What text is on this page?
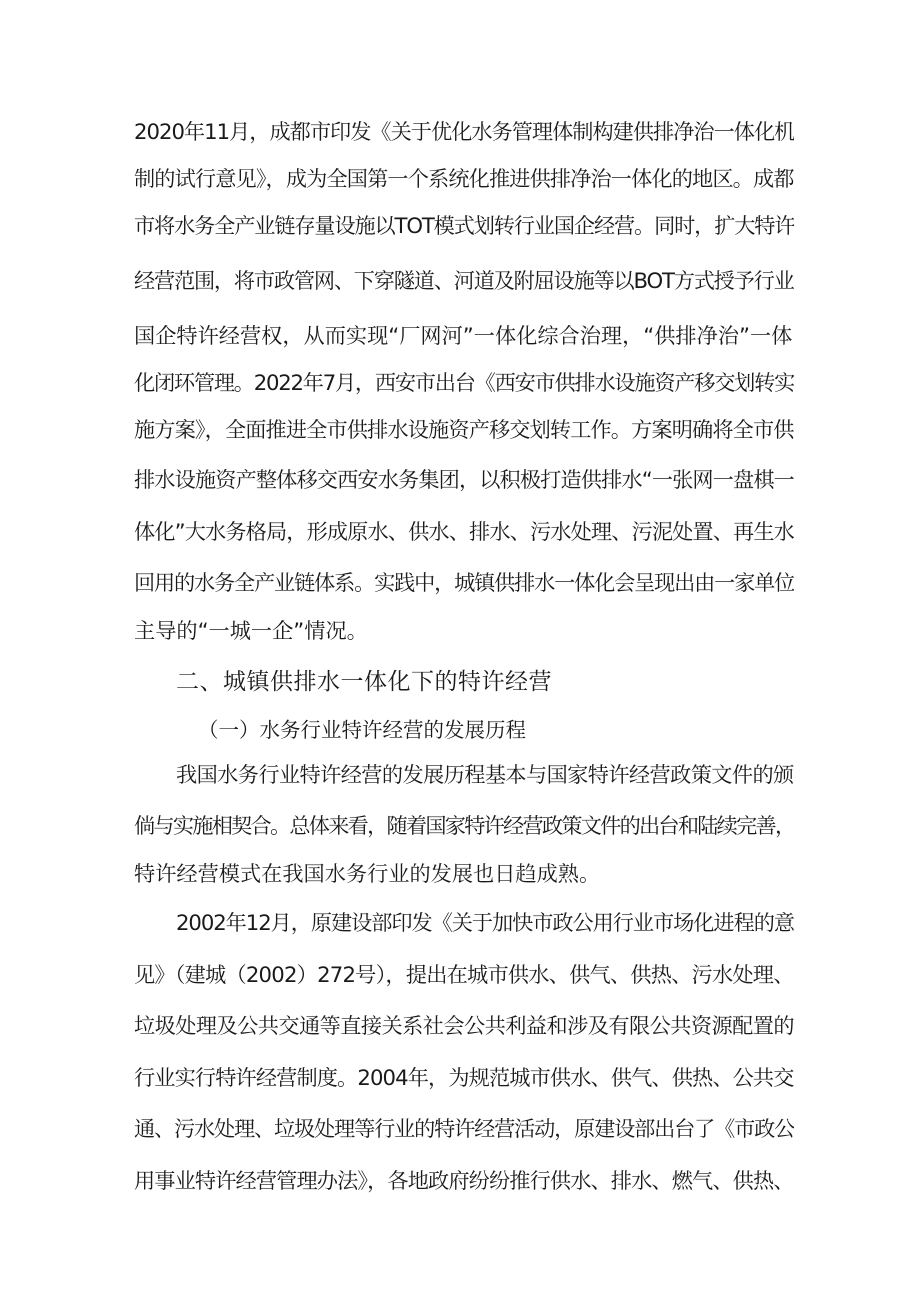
2020年11月，成都市印发《关于优化水务管理体制构建供排净治一体化机
制的试行意见》，成为全国第一个系统化推进供排净治一体化的地区。成都
市将水务全产业链存量设施以TOT模式划转行业国企经营。同时，扩大特许
经营范围，将市政管网、下穿隧道、河道及附屈设施等以BOT方式授予行业
国企特许经营权，从而实现“厂网河”一体化综合治理，“供排净治”一体
化闭环管理。2022年7月，西安市出台《西安市供排水设施资产移交划转实
施方案》，全面推进全市供排水设施资产移交划转工作。方案明确将全市供
排水设施资产整体移交西安水务集团，以积极打造供排水“一张网一盘棋一
体化”大水务格局，形成原水、供水、排水、污水处理、污泥处置、再生水
回用的水务全产业链体系。实践中，城镇供排水一体化会呈现出由一家单位
主导的“一城一企”情况。
二、城镇供排水一体化下的特许经营
（一）水务行业特许经营的发展历程
我国水务行业特许经营的发展历程基本与国家特许经营政策文件的颁
倘与实施相契合。总体来看，随着国家特许经营政策文件的出台和陆续完善，
特许经营模式在我国水务行业的发展也日趋成熟。
2002年12月，原建设部印发《关于加快市政公用行业市场化进程的意
见》（建城（2002）272号），提出在城市供水、供气、供热、污水处理、
垃圾处理及公共交通等直接关系社会公共利益和涉及有限公共资源配置的
行业实行特许经营制度。2004年，为规范城市供水、供气、供热、公共交
通、污水处理、垃圾处理等行业的特许经营活动，原建设部出台了《市政公
用事业特许经营管理办法》，各地政府纷纷推行供水、排水、燃气、供热、
